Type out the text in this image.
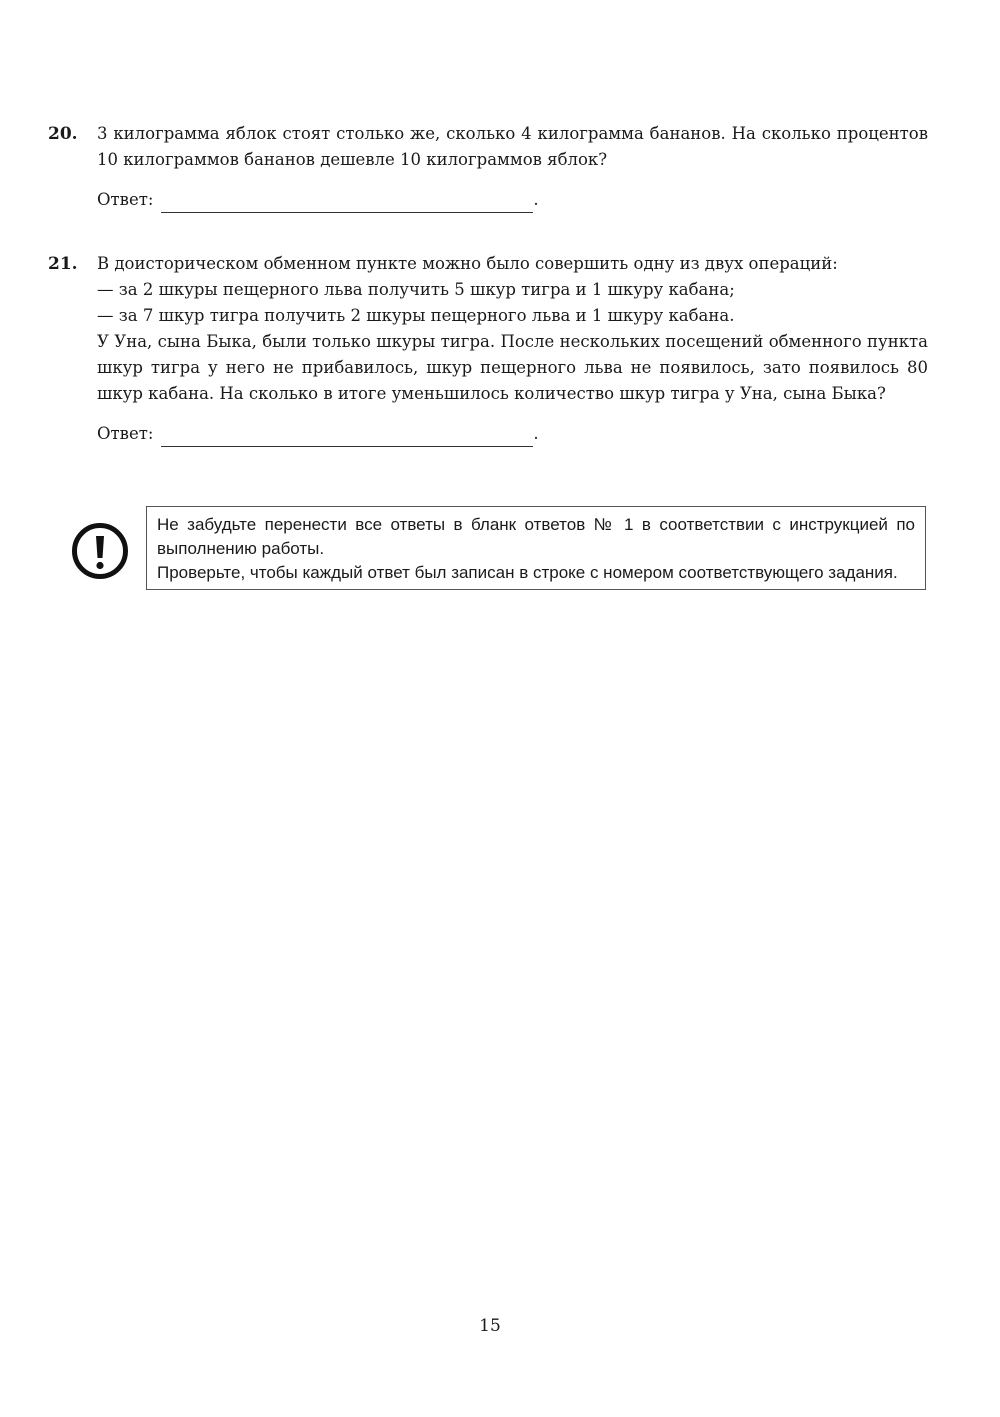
20. 3 килограмма яблок стоят столько же, сколько 4 килограмма бананов. На сколько процентов 10 килограммов бананов дешевле 10 килограммов яблок?

Ответ:	.
21. В доисторическом обменном пункте можно было совершить одну из двух операций:

— за 2 шкуры пещерного льва получить 5 шкур тигра и 1 шкуру кабана;

— за 7 шкур тигра получить 2 шкуры пещерного льва и 1 шкуру кабана.

У Уна, сына Быка, были только шкуры тигра. После нескольких посещений обменного пункта шкур тигра у него не прибавилось, шкур пещерного льва не появилось, зато появилось 80 шкур кабана. На сколько в итоге уменьшилось количество шкур тигра у Уна, сына Быка?

Ответ:	.

Не забудьте перенести все ответы в бланк ответов № 1 в соответствии с инструкцией по выполнению работы.

Проверьте, чтобы каждый ответ был записан в строке с номером соответствующего задания.

15
